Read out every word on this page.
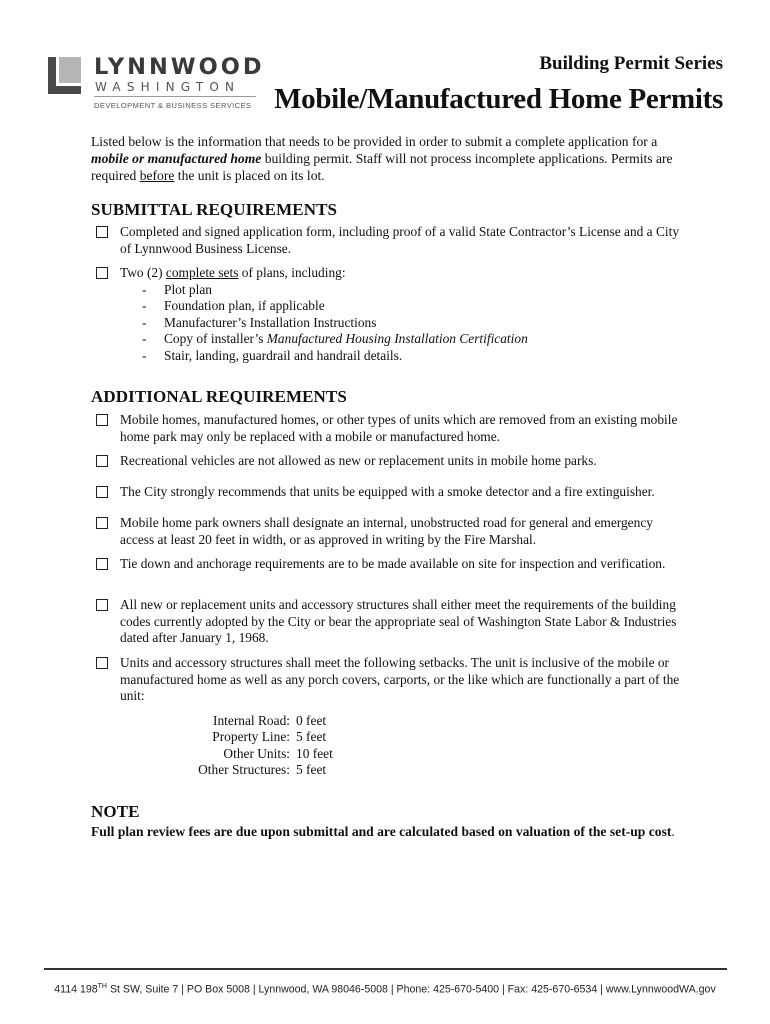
LYNNWOOD
WASHINGTON
DEVELOPMENT & BUSINESS SERVICES
Building Permit Series
Mobile/Manufactured Home Permits
Listed below is the information that needs to be provided in order to submit a complete application for a mobile or manufactured home building permit. Staff will not process incomplete applications. Permits are required before the unit is placed on its lot.
SUBMITTAL REQUIREMENTS
Completed and signed application form, including proof of a valid State Contractor’s License and a City of Lynnwood Business License.
Two (2) complete sets of plans, including:
- Plot plan
- Foundation plan, if applicable
- Manufacturer’s Installation Instructions
- Copy of installer’s Manufactured Housing Installation Certification
- Stair, landing, guardrail and handrail details.
ADDITIONAL REQUIREMENTS
Mobile homes, manufactured homes, or other types of units which are removed from an existing mobile home park may only be replaced with a mobile or manufactured home.
Recreational vehicles are not allowed as new or replacement units in mobile home parks.
The City strongly recommends that units be equipped with a smoke detector and a fire extinguisher.
Mobile home park owners shall designate an internal, unobstructed road for general and emergency access at least 20 feet in width, or as approved in writing by the Fire Marshal.
Tie down and anchorage requirements are to be made available on site for inspection and verification.
All new or replacement units and accessory structures shall either meet the requirements of the building codes currently adopted by the City or bear the appropriate seal of Washington State Labor & Industries dated after January 1, 1968.
Units and accessory structures shall meet the following setbacks. The unit is inclusive of the mobile or manufactured home as well as any porch covers, carports, or the like which are functionally a part of the unit:
Internal Road: 0 feet
Property Line: 5 feet
Other Units: 10 feet
Other Structures: 5 feet
NOTE
Full plan review fees are due upon submittal and are calculated based on valuation of the set-up cost.
4114 198TH St SW, Suite 7 | PO Box 5008 | Lynnwood, WA 98046-5008 | Phone: 425-670-5400 | Fax: 425-670-6534 | www.LynnwoodWA.gov
